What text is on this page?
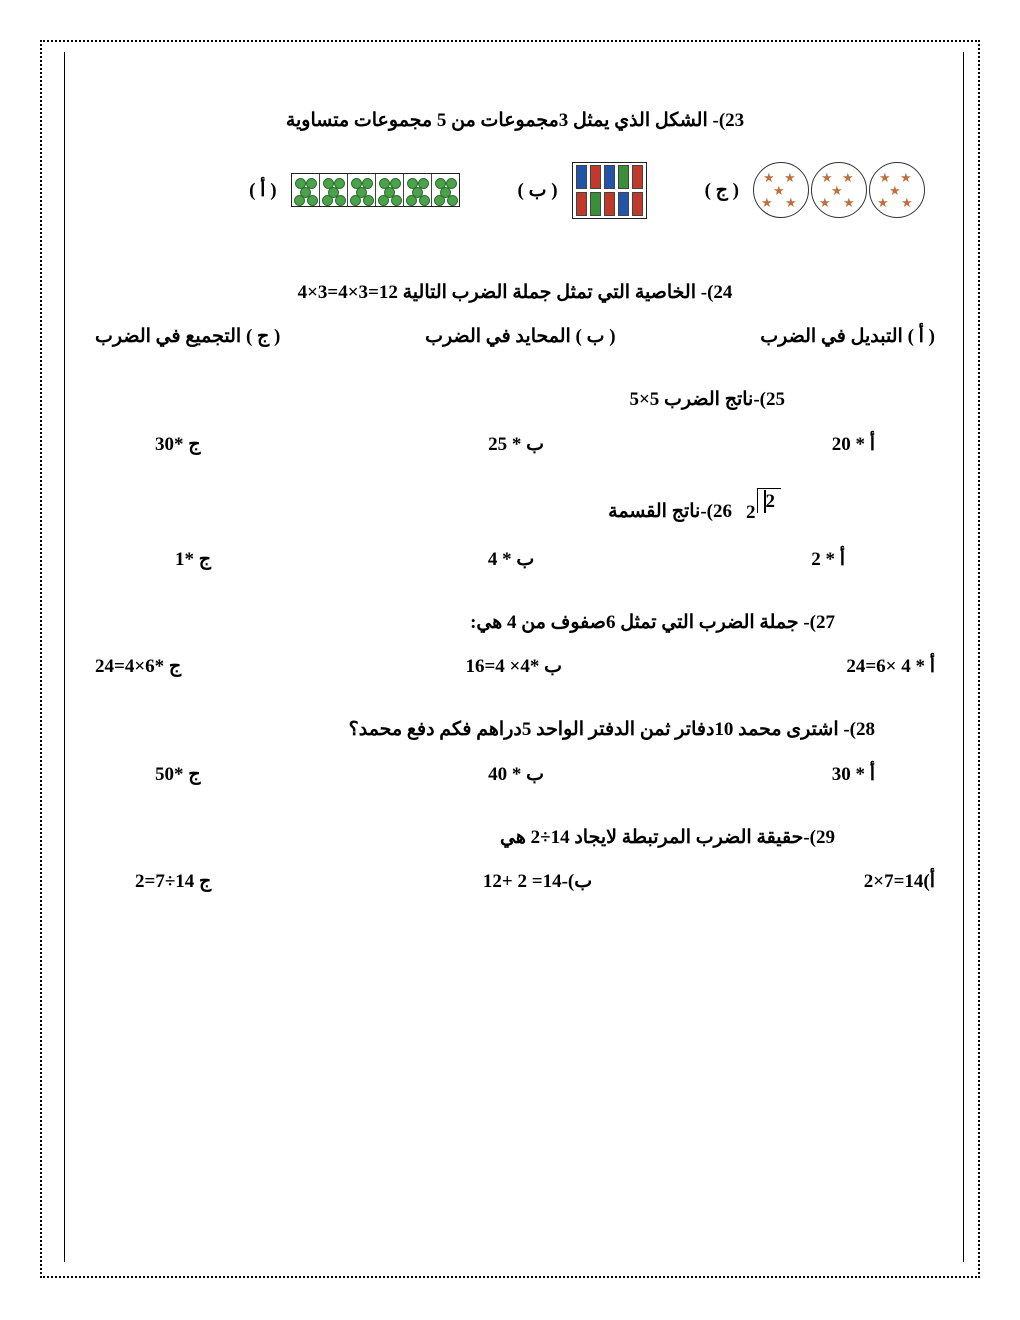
23)- الشكل الذي يمثل 3مجموعات من 5 مجموعات متساوية

★ ★
★
★ ★
★ ★
★
★ ★
★ ★
★
★ ★
( ج )
( ب )
( أ )

24)- الخاصية التي تمثل جملة الضرب التالية 12=3×4=3×4

( أ ) التبديل في الضرب
( ب ) المحايد في الضرب
( ج ) التجميع في الضرب

25)-ناتج الضرب 5×5

أ * 20
ب * 25
ج *30
2
2
26)-ناتج القسمة
أ * 2
ب * 4
ج *1

27)- جملة الضرب التي تمثل 6صفوف من 4 هي:

أ * 4 ×6=24
ب *4× 4=16
ج *6×4=24

28)- اشترى محمد 10دفاتر ثمن الدفتر الواحد 5دراهم فكم دفع محمد؟

أ * 30
ب * 40
ج *50

29)-حقيقة الضرب المرتبطة لايجاد 14÷2 هي

أ)14=7×2
ب)-14= 2 +12
ج 14÷7=2
